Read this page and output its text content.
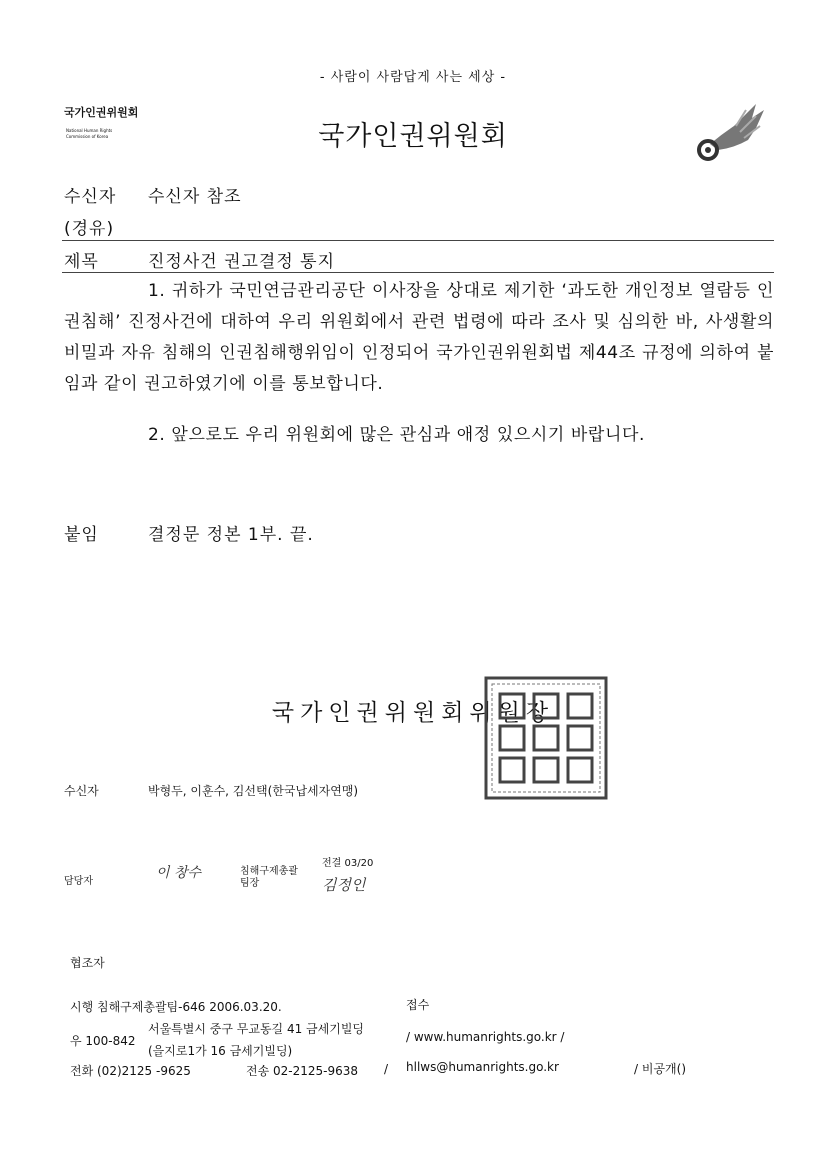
- 사람이 사람답게 사는 세상 -
국가인권위원회
National Human Rights Commission of Korea	국가인권위원회
수신자 수신자 참조
(경유)
제목	진정사건 권고결정 통지
1. 귀하가 국민연금관리공단 이사장을 상대로 제기한 ‘과도한 개인정보 열람등 인권침해’ 진정사건에 대하여 우리 위원회에서 관련 법령에 따라 조사 및 심의한 바, 사생활의 비밀과 자유 침해의 인권침해행위임이 인정되어 국가인권위원회법 제44조 규정에 의하여 붙임과 같이 권고하였기에 이를 통보합니다.
2. 앞으로도 우리 위원회에 많은 관심과 애정 있으시기 바랍니다.
붙임	결정문 정본 1부. 끝.
국가인권위원회위원장
수신자	박형두, 이훈수, 김선택(한국납세자연맹)
담당자
이 창수	침해구제총괄
팀장
전결 03/20
김정인
협조자
시행 침해구제총괄팀-646 2006.03.20.	접수
우 100-842
서울특별시 중구 무교동길 41 금세기빌딩
(을지로1가 16 금세기빌딩)
/ www.humanrights.go.kr /
전화 (02)2125 -9625	전송 02-2125-9638 / hllws@humanrights.go.kr	/ 비공개()
